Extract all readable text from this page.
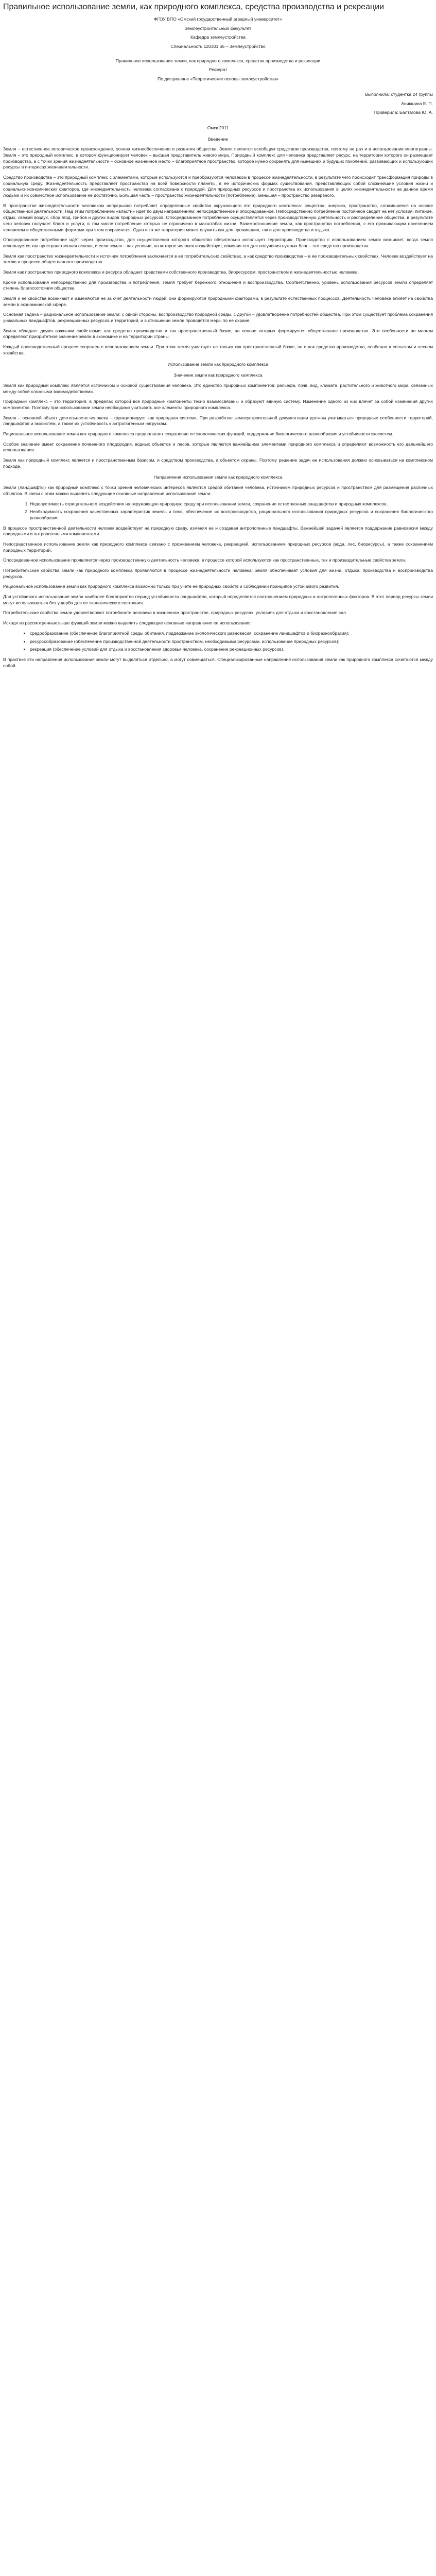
Правильное использование земли, как природного комплекса, средства производства и рекреации

ФГОУ ВПО «Омский государственный аграрный университет»

Землеустроительный факультет

Кафедра землеустройства

Специальность 120301,65 – Землеустройство

Правильное использование земли, как природного комплекса, средства производства и рекреации

Реферат

По дисциплине «Теоретические основы землеустройства»

Выполнила: студентка 24 группы

Аникшина Е. П.

Проверила: Балтагова Ю. А.

Омск 2011

Введение

Земля – естественное историческое происхождение, основа жизнеобеспечения и развития общества. Земля является всеобщим средством производства, поэтому не раз и в использовании многогранны. Земля – это природный комплекс, в котором функционирует человек – высшая представитель живого мира. Природный комплекс для человека представляет ресурс, на территории которого он размещает производство, а с точки зрения жизнедеятельности – основное жизненное место – благоприятное пространство, которое нужно сохранять для нынешних и будущих поколений, развивающих и использующих ресурсы в интересах жизнедеятельности.

Средство производства – это природный комплекс с элементами, которые используются и преобразуются человеком в процессе жизнедеятельности, в результате чего происходит трансформация природы в социальную среду. Жизнедеятельность представляет пространство на всей поверхности планеты, в ее исторических формах существования, представляющих собой сложнейшие условия жизни и социально-экономических факторов, где жизнедеятельность человека согласована с природой. Для природных ресурсов и пространства их использования в целях жизнедеятельности на данное время людьми и их совместное использование не достаточно. Большая часть – пространство жизнедеятельности (потребление), меньшая – пространство резервного.

В пространстве жизнедеятельности человеком непрерывно потребляет определенные свойства окружающего его природного комплекса: вещество, энергию, пространство, сложившееся на основе общественной деятельности. Над этим потреблением «власти» идет по двум направлениям: непосредственное и опосредованное. Непосредственно потребление постоянное сводит на нет условия, питание, отдых, свежий воздух, сбор ягод, грибов и других видов природных ресурсов. Опосредованное потребление осуществляется через производственную деятельность и распределение общества, в результате чего человек получает блага и услуги, в том числе потребление которых не ограничено в масштабах жизни. Взаимоотношение земли, как пространства потребления, с его проживающим населением человеком и общественными формами при этом сохраняется. Одна и та же территория может служить как для проживания, так и для производства и отдыха.

Опосредованное потребление идёт через производство, для осуществления которого общество обязательно использует территорию. Производство с использованием земли возникает, когда земля используется как пространственная основа, и если земля – как условие, на которое человек воздействует, изменяя его для получения нужных благ – это средство производства.

Земля как пространство жизнедеятельности и источник потребления заключается в ее потребительских свойствах, а как средство производства – в ее производительных свойствах. Человек воздействует на землю в процессе общественного производства.

Земля как пространство природного комплекса и ресурса обладает средствами собственного производства, биоресурсом, пространством и жизнедеятельностью человека.

Кроме использования непосредственно для производства и потребления, земля требует бережного отношения и воспроизводства. Соответственно, уровень использования ресурсов земли определяет степень благосостояния общества.

Земля и ее свойства возникают и изменяются не за счет деятельности людей; они формируются природными факторами, в результате естественных процессов. Деятельность человека влияет на свойства земли в экономической сфере.

Основная задача – рациональное использование земли: с одной стороны, воспроизводство природной среды, с другой – удовлетворение потребностей общества. При этом существует проблема сохранения уникальных ландшафтов, рекреационных ресурсов и территорий, и в отношении земли проводятся меры по ее охране.

Земля обладает двумя важными свойствами: как средство производства и как пространственный базис, на основе которых формируется общественное производство. Эти особенности во многом определяют приоритетное значение земли в экономике и на территории страны.

Каждый производственный процесс сопряжен с использованием земли. При этом земля участвует не только как пространственный базис, но и как средство производства, особенно в сельском и лесном хозяйстве.

Использование земли как природного комплекса
Значение земли как природного комплекса

Земля как природный комплекс является источником и основой существования человека. Это единство природных компонентов: рельефа, почв, вод, климата, растительного и животного мира, связанных между собой сложными взаимодействиями.

Природный комплекс – это территория, в пределах которой все природные компоненты тесно взаимосвязаны и образуют единую систему. Изменение одного из них влечет за собой изменения других компонентов. Поэтому при использовании земли необходимо учитывать все элементы природного комплекса.

Земля – основной объект деятельности человека – функционирует как природная система. При разработке землеустроительной документации должны учитываться природные особенности территорий, ландшафтов и экосистем, а также их устойчивость к антропогенным нагрузкам.

Рациональное использование земли как природного комплекса предполагает сохранение ее экологических функций, поддержание биологического разнообразия и устойчивости экосистем.

Особое значение имеет сохранение почвенного плодородия, водных объектов и лесов, которые являются важнейшими элементами природного комплекса и определяют возможность его дальнейшего использования.

Земля как природный комплекс является и пространственным базисом, и средством производства, и объектом охраны. Поэтому решение задач ее использования должно основываться на комплексном подходе.

Направления использования земли как природного комплекса

Земли (ландшафты) как природный комплекс с точки зрения человеческих интересов являются средой обитания человека, источником природных ресурсов и пространством для размещения различных объектов. В связи с этим можно выделить следующие основные направления использования земли:

1. Недопустимость отрицательного воздействия на окружающую природную среду при использовании земли, сохранение естественных ландшафтов и природных комплексов.
2. Необходимость сохранения качественных характеристик земель и почв, обеспечение их воспроизводства, рационального использования природных ресурсов и сохранения биологического разнообразия.

В процессе пространственной деятельности человек воздействует на природную среду, изменяя ее и создавая антропогенные ландшафты. Важнейшей задачей является поддержание равновесия между природными и антропогенными компонентами.

Непосредственное использование земли как природного комплекса связано с проживанием человека, рекреацией, использованием природных ресурсов (вода, лес, биоресурсы), а также сохранением природных территорий.

Опосредованное использование проявляется через производственную деятельность человека, в процессе которой используются как пространственные, так и производительные свойства земли.

Потребительские свойства земли как природного комплекса проявляются в процессе жизнедеятельности человека: земля обеспечивает условия для жизни, отдыха, производства и воспроизводства ресурсов.

Рациональное использование земли как природного комплекса возможно только при учете ее природных свойств и соблюдении принципов устойчивого развития.

Для устойчивого использования земли наиболее благоприятен период устойчивости ландшафтов, который определяется соотношением природных и антропогенных факторов. В этот период ресурсы земли могут использоваться без ущерба для ее экологического состояния.

Потребительские свойства земли удовлетворяют потребности человека в жизненном пространстве, природных ресурсах, условиях для отдыха и восстановления сил.

Исходя из рассмотренных выше функций земли можно выделить следующие основные направления ее использования:

• средообразование (обеспечение благоприятной среды обитания, поддержание экологического равновесия, сохранение ландшафтов и биоразнообразия);
• ресурсообразование (обеспечение производственной деятельности пространством, необходимыми ресурсами, использование природных ресурсов);
• рекреация (обеспечение условий для отдыха и восстановления здоровья человека, сохранение рекреационных ресурсов).

В практике эти направления использования земли могут выделяться отдельно, а могут совмещаться. Специализированные направления использования земли как природного комплекса сочетаются между собой.
